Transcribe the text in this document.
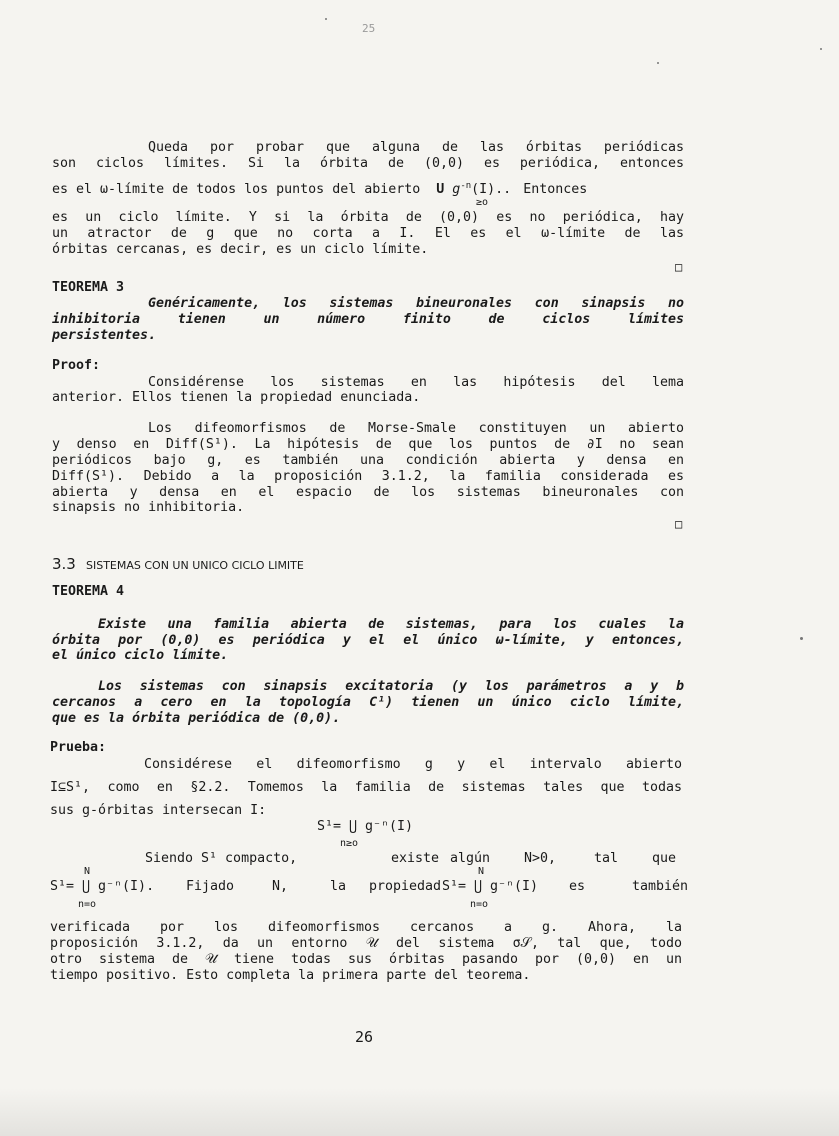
25
Queda por probar que alguna de las órbitas periódicas
son ciclos límites. Si la órbita de (0,0) es periódica, entonces
es el ω-límite de todos los puntos del abierto U $g^{-n}(I)$.. Entonces
≥o
es un ciclo límite. Y si la órbita de (0,0) es no periódica, hay
un atractor de g que no corta a I. El es el ω-límite de las
órbitas cercanas, es decir, es un ciclo límite.
□
TEOREMA 3
Genéricamente, los sistemas bineuronales con sinapsis no
inhibitoria tienen un número finito de ciclos límites
persistentes.
Proof:
Considérense los sistemas en las hipótesis del lema
anterior. Ellos tienen la propiedad enunciada.
Los difeomorfismos de Morse-Smale constituyen un abierto
y denso en Diff(S¹). La hipótesis de que los puntos de ∂I no sean
periódicos bajo g, es también una condición abierta y densa en
Diff(S¹). Debido a la proposición 3.1.2, la familia considerada es
abierta y densa en el espacio de los sistemas bineuronales con
sinapsis no inhibitoria.
□
3.3 SISTEMAS CON UN UNICO CICLO LIMITE
TEOREMA 4
Existe una familia abierta de sistemas, para los cuales la
órbita por (0,0) es periódica y el el único ω-límite, y entonces,
el único ciclo límite.
Los sistemas con sinapsis excitatoria (y los parámetros a y b
cercanos a cero en la topología C¹) tienen un único ciclo límite,
que es la órbita periódica de (0,0).
Prueba:
Considérese el difeomorfismo g y el intervalo abierto
I⊆S¹, como en §2.2. Tomemos la familia de sistemas tales que todas
sus g-órbitas intersecan I:
S¹= ⋃ g⁻ⁿ(I)
n≥o
Siendo S¹ compacto,	existe algún	N>0,	tal	que
N	N
S¹= ⋃ g⁻ⁿ(I). Fijado	N,	la propiedad S¹= ⋃ g⁻ⁿ(I) es	también
n=o	n=o
verificada por los difeomorfismos cercanos a g. Ahora, la
proposición 3.1.2, da un entorno 𝒰 del sistema σ𝒮, tal que, todo
otro sistema de 𝒰 tiene todas sus órbitas pasando por (0,0) en un
tiempo positivo. Esto completa la primera parte del teorema.
26
